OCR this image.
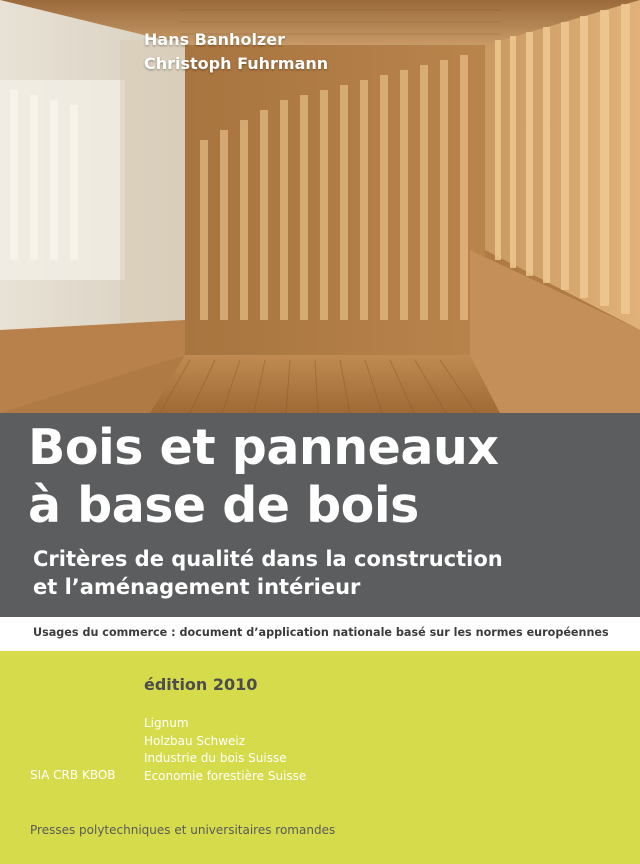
Hans Banholzer
Christoph Fuhrmann
Bois et panneaux
à base de bois
Critères de qualité dans la construction
et l’aménagement intérieur
Usages du commerce : document d’application nationale basé sur les normes européennes
édition 2010
Lignum
Holzbau Schweiz
Industrie du bois Suisse
Economie forestière Suisse
SIA CRB KBOB
Presses polytechniques et universitaires romandes
